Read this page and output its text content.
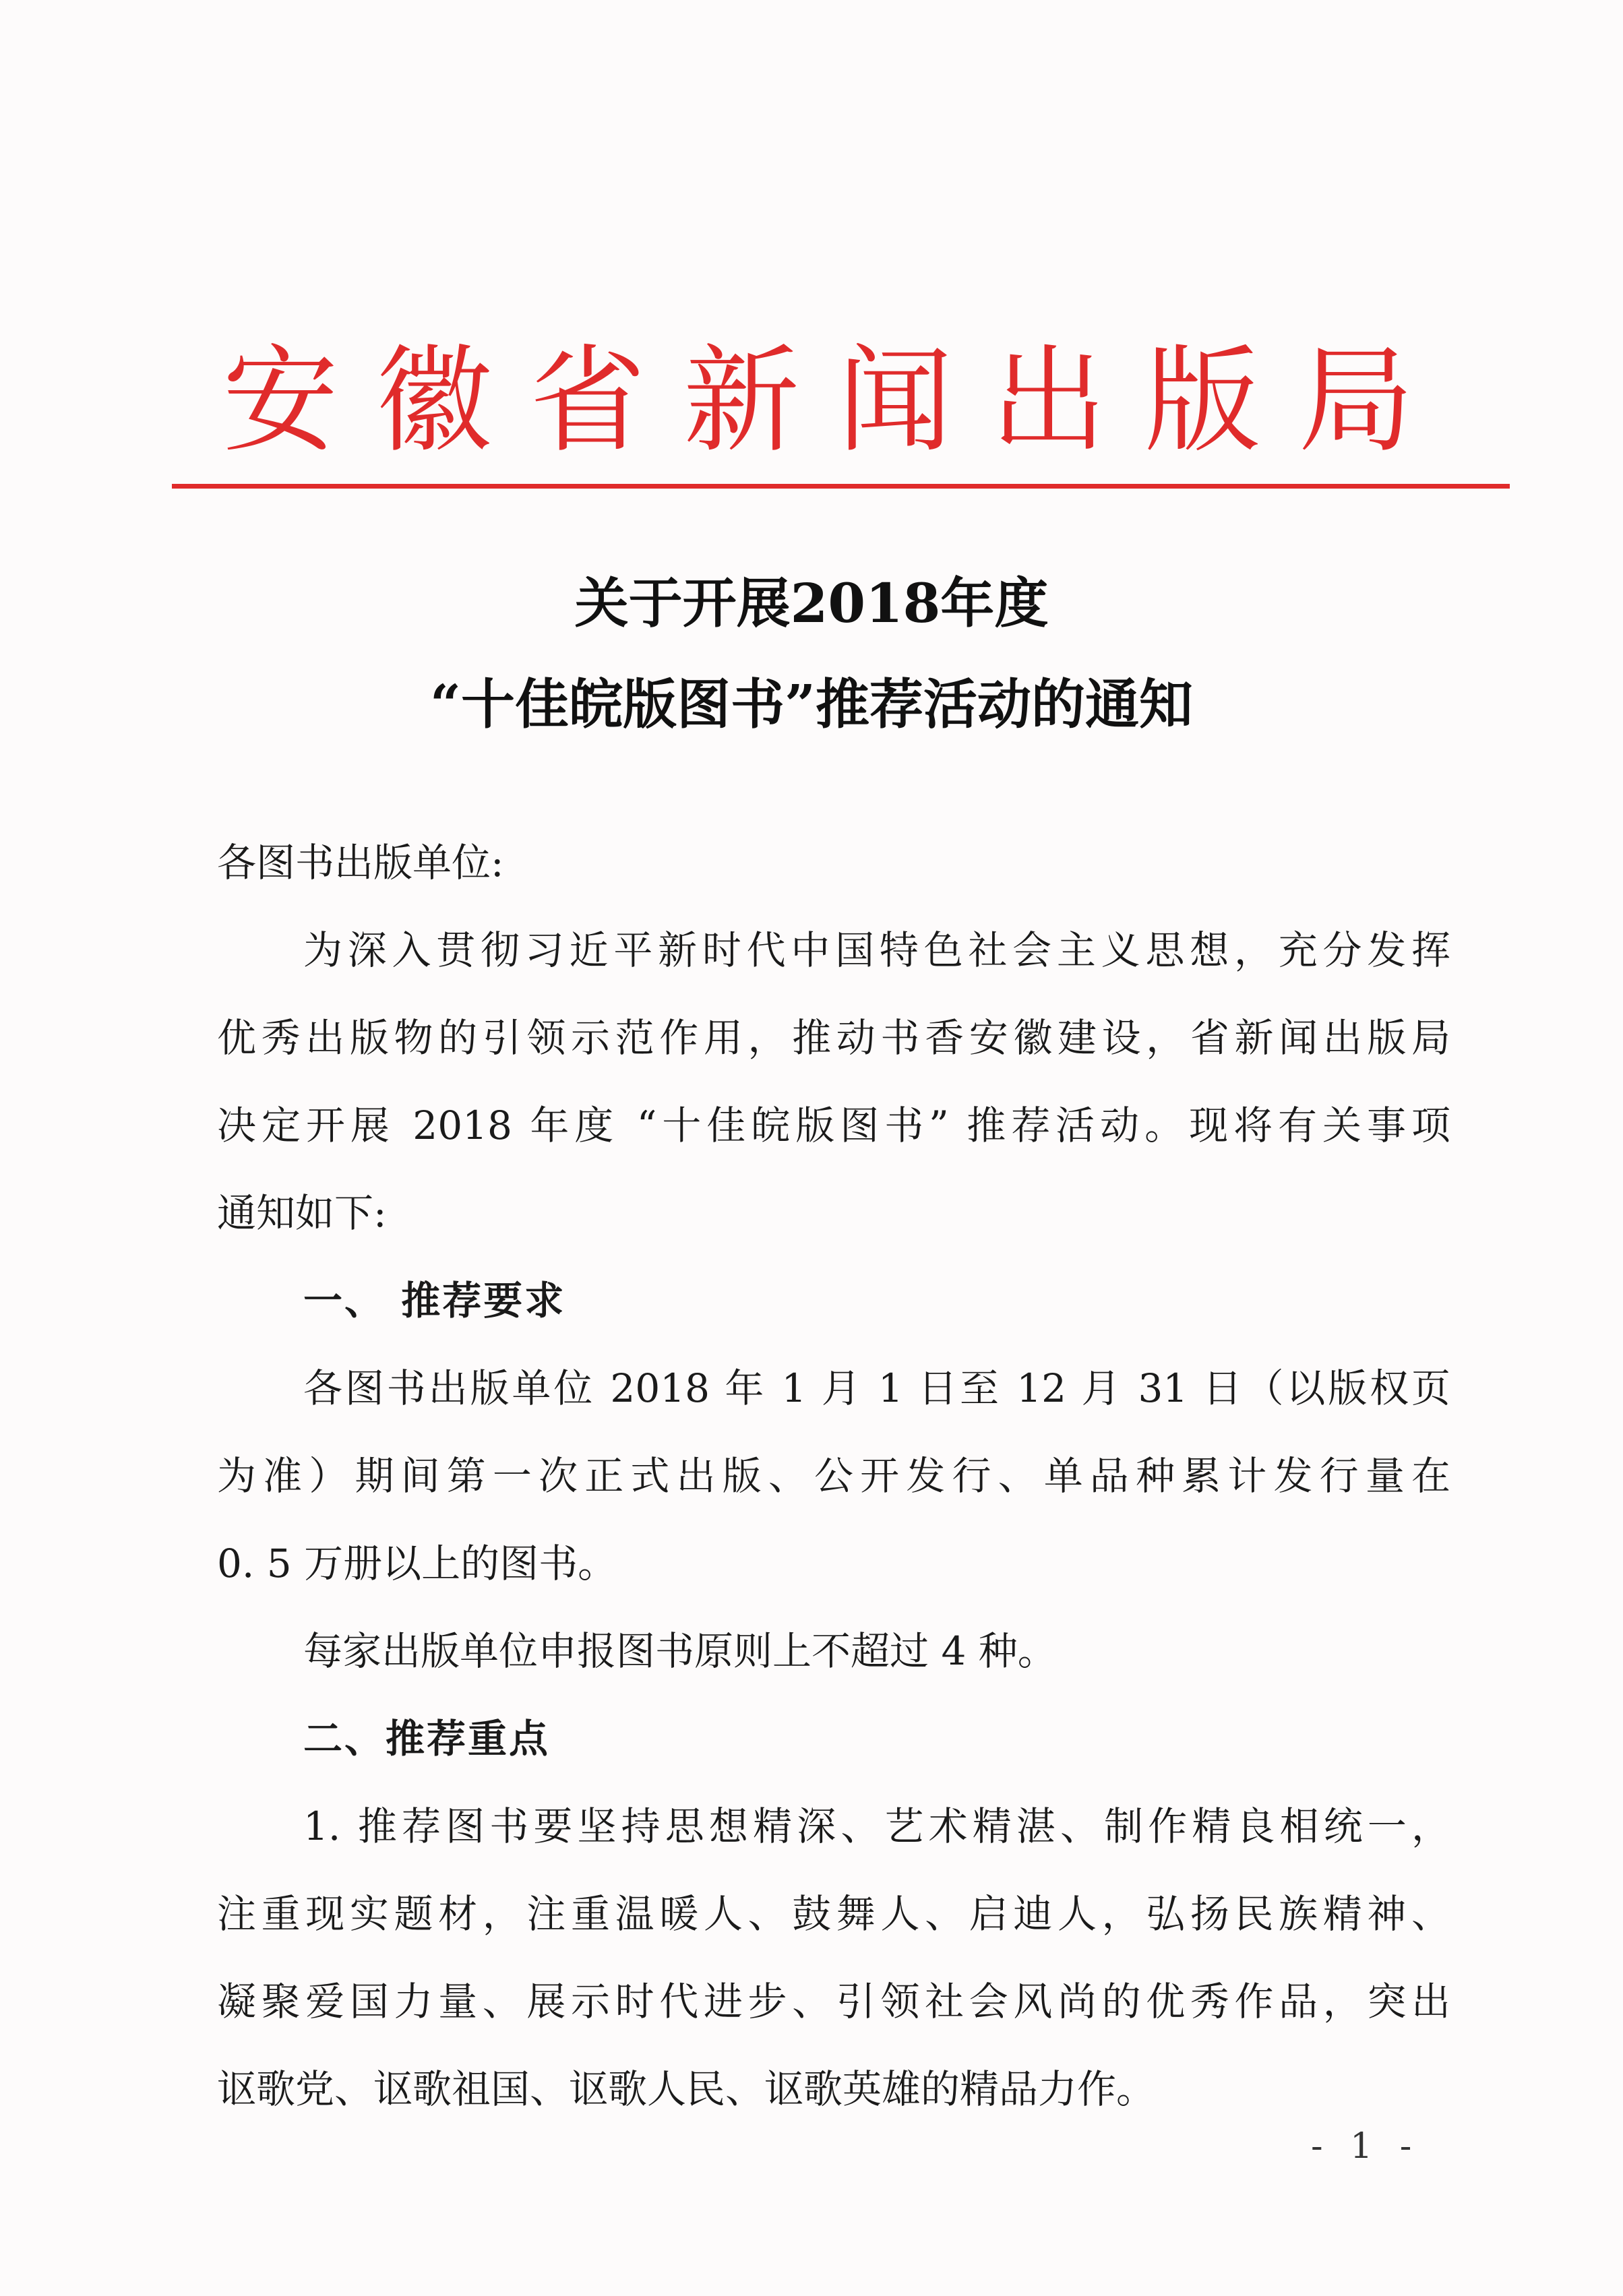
安徽省新闻出版局
关于开展2018年度
“十佳皖版图书”推荐活动的通知
各图书出版单位:
为深入贯彻习近平新时代中国特色社会主义思想，充分发挥
优秀出版物的引领示范作用，推动书香安徽建设，省新闻出版局
决定开展 2018 年度 “十佳皖版图书” 推荐活动。现将有关事项
通知如下:
一、 推荐要求
各图书出版单位 2018 年 1 月 1 日至 12 月 31 日（以版权页
为准）期间第一次正式出版、公开发行、单品种累计发行量在
0. 5 万册以上的图书。
每家出版单位申报图书原则上不超过 4 种。
二、推荐重点
1. 推荐图书要坚持思想精深、艺术精湛、制作精良相统一，
注重现实题材，注重温暖人、鼓舞人、启迪人，弘扬民族精神、
凝聚爱国力量、展示时代进步、引领社会风尚的优秀作品，突出
讴歌党、讴歌祖国、讴歌人民、讴歌英雄的精品力作。
- 1 -
